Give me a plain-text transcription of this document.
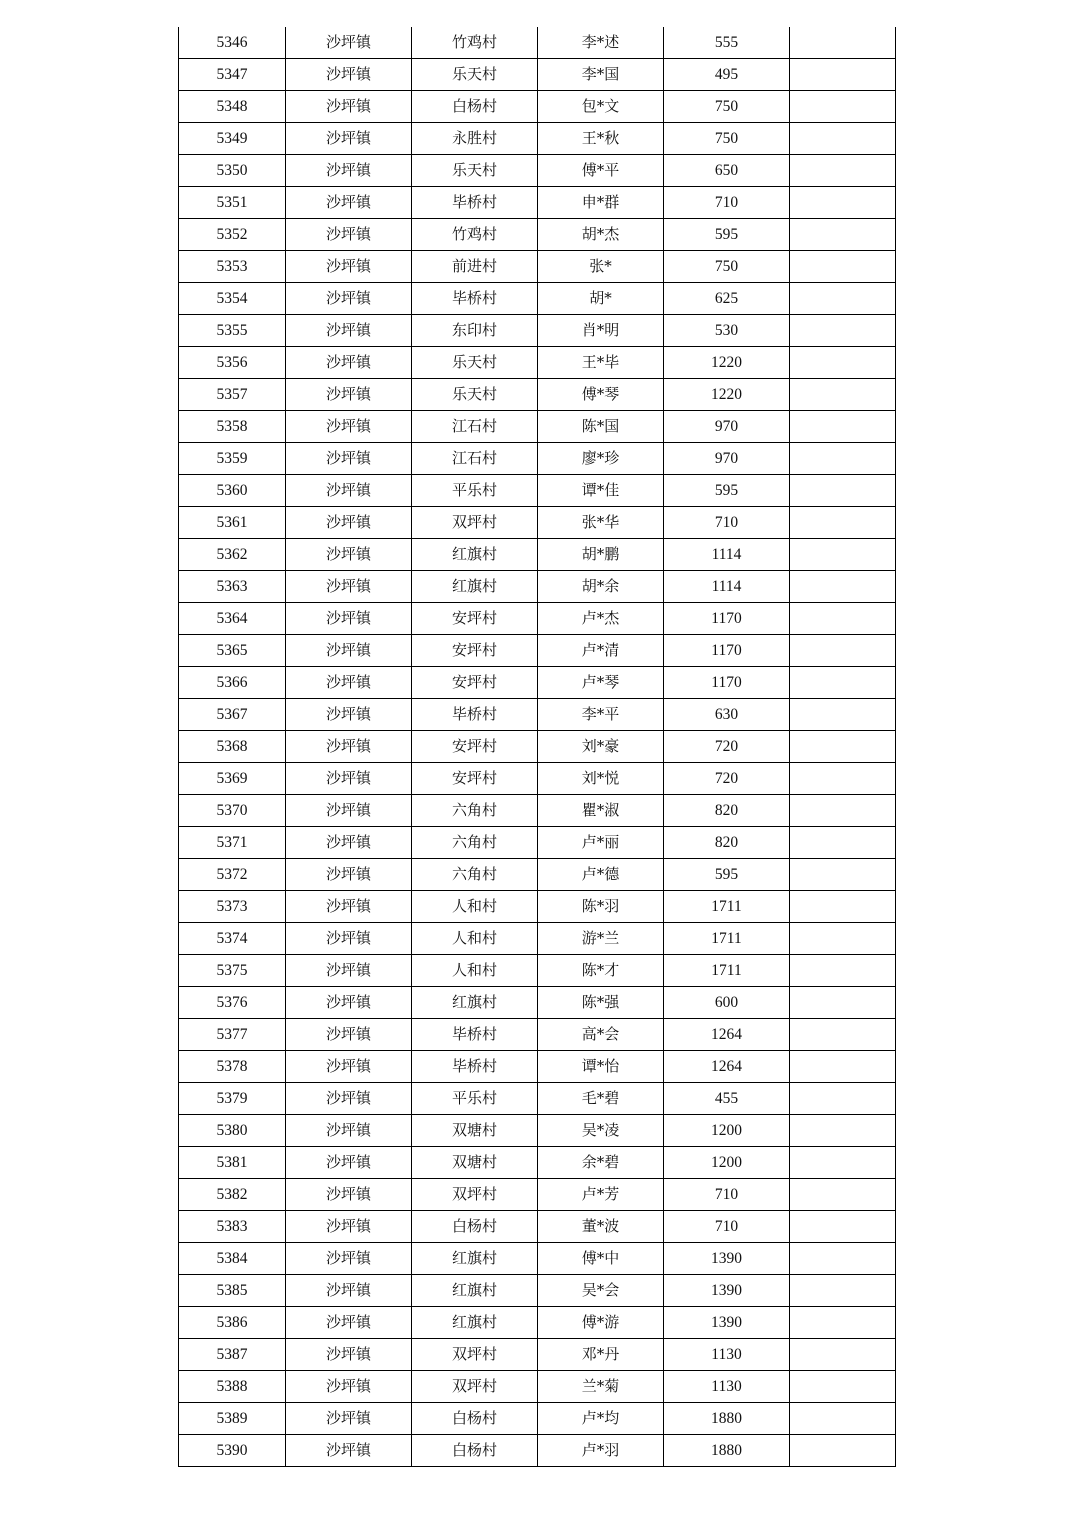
5346	沙坪镇	竹鸡村	李*述	555	
5347	沙坪镇	乐天村	李*国	495	
5348	沙坪镇	白杨村	包*文	750	
5349	沙坪镇	永胜村	王*秋	750	
5350	沙坪镇	乐天村	傅*平	650	
5351	沙坪镇	毕桥村	申*群	710	
5352	沙坪镇	竹鸡村	胡*杰	595	
5353	沙坪镇	前进村	张*	750	
5354	沙坪镇	毕桥村	胡*	625	
5355	沙坪镇	东印村	肖*明	530	
5356	沙坪镇	乐天村	王*毕	1220	
5357	沙坪镇	乐天村	傅*琴	1220	
5358	沙坪镇	江石村	陈*国	970	
5359	沙坪镇	江石村	廖*珍	970	
5360	沙坪镇	平乐村	谭*佳	595	
5361	沙坪镇	双坪村	张*华	710	
5362	沙坪镇	红旗村	胡*鹏	1114	
5363	沙坪镇	红旗村	胡*余	1114	
5364	沙坪镇	安坪村	卢*杰	1170	
5365	沙坪镇	安坪村	卢*清	1170	
5366	沙坪镇	安坪村	卢*琴	1170	
5367	沙坪镇	毕桥村	李*平	630	
5368	沙坪镇	安坪村	刘*豪	720	
5369	沙坪镇	安坪村	刘*悦	720	
5370	沙坪镇	六角村	瞿*淑	820	
5371	沙坪镇	六角村	卢*丽	820	
5372	沙坪镇	六角村	卢*德	595	
5373	沙坪镇	人和村	陈*羽	1711	
5374	沙坪镇	人和村	游*兰	1711	
5375	沙坪镇	人和村	陈*才	1711	
5376	沙坪镇	红旗村	陈*强	600	
5377	沙坪镇	毕桥村	高*会	1264	
5378	沙坪镇	毕桥村	谭*怡	1264	
5379	沙坪镇	平乐村	毛*碧	455	
5380	沙坪镇	双塘村	吴*凌	1200	
5381	沙坪镇	双塘村	余*碧	1200	
5382	沙坪镇	双坪村	卢*芳	710	
5383	沙坪镇	白杨村	董*波	710	
5384	沙坪镇	红旗村	傅*中	1390	
5385	沙坪镇	红旗村	吴*会	1390	
5386	沙坪镇	红旗村	傅*游	1390	
5387	沙坪镇	双坪村	邓*丹	1130	
5388	沙坪镇	双坪村	兰*菊	1130	
5389	沙坪镇	白杨村	卢*均	1880	
5390	沙坪镇	白杨村	卢*羽	1880	
